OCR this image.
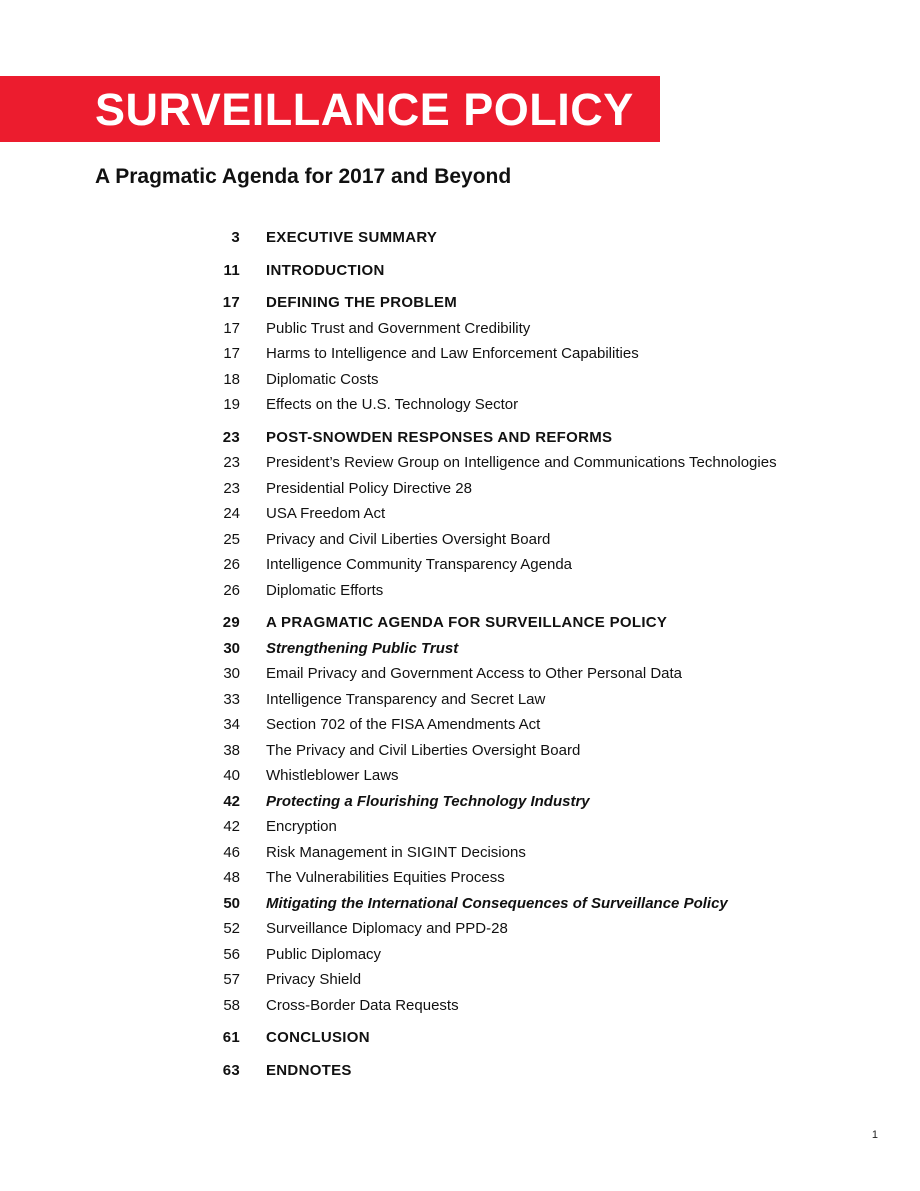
SURVEILLANCE POLICY
A Pragmatic Agenda for 2017 and Beyond
3 EXECUTIVE SUMMARY
11 INTRODUCTION
17 DEFINING THE PROBLEM
17 Public Trust and Government Credibility
17 Harms to Intelligence and Law Enforcement Capabilities
18 Diplomatic Costs
19 Effects on the U.S. Technology Sector
23 POST-SNOWDEN RESPONSES AND REFORMS
23 President’s Review Group on Intelligence and Communications Technologies
23 Presidential Policy Directive 28
24 USA Freedom Act
25 Privacy and Civil Liberties Oversight Board
26 Intelligence Community Transparency Agenda
26 Diplomatic Efforts
29 A PRAGMATIC AGENDA FOR SURVEILLANCE POLICY
30 Strengthening Public Trust
30 Email Privacy and Government Access to Other Personal Data
33 Intelligence Transparency and Secret Law
34 Section 702 of the FISA Amendments Act
38 The Privacy and Civil Liberties Oversight Board
40 Whistleblower Laws
42 Protecting a Flourishing Technology Industry
42 Encryption
46 Risk Management in SIGINT Decisions
48 The Vulnerabilities Equities Process
50 Mitigating the International Consequences of Surveillance Policy
52 Surveillance Diplomacy and PPD-28
56 Public Diplomacy
57 Privacy Shield
58 Cross-Border Data Requests
61 CONCLUSION
63 ENDNOTES
1
